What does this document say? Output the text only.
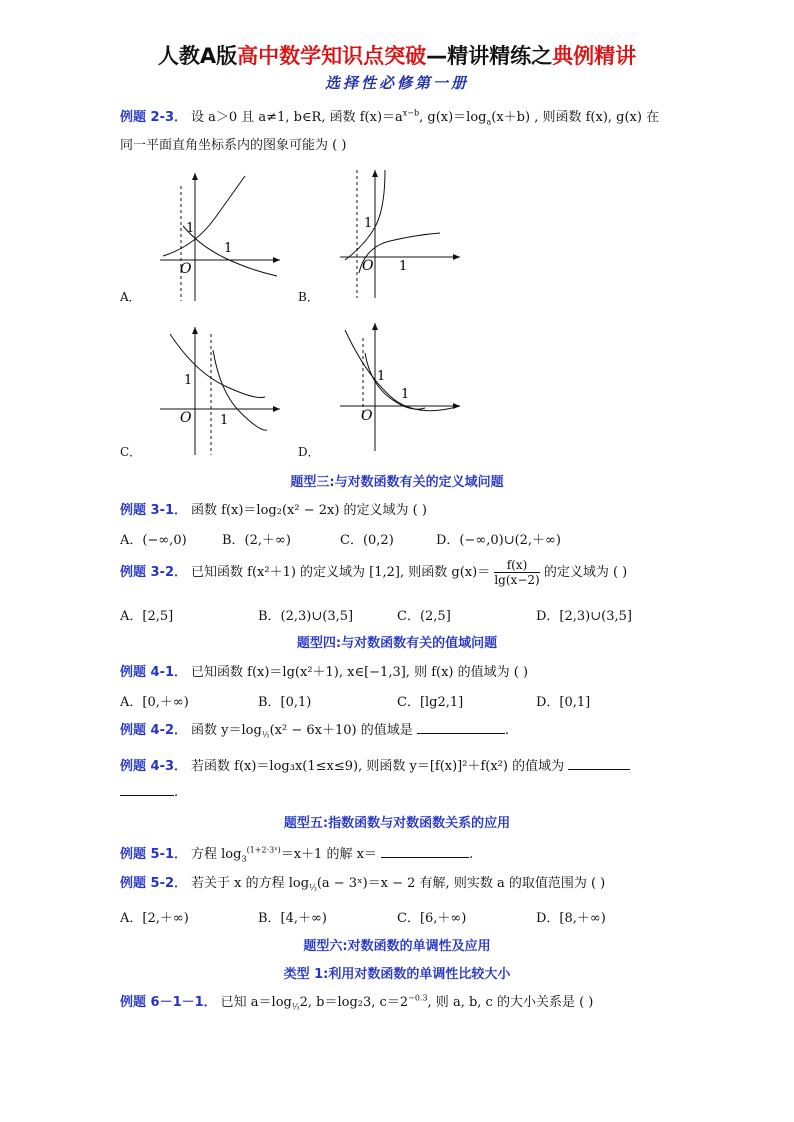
人教A版高中数学知识点突破—精讲精练之典例精讲
选择性必修第一册
例题 2-3． 设 a＞0 且 a≠1, b∈R, 函数 $f(x)=a^{x-b}$, $g(x)=\log_a(x+b)$ , 则函数 f(x), g(x) 在
同一平面直角坐标系内的图象可能为 ( )
1
1
O
A．
1
1
O
B．
1
1
O
C．
1
1
O
D．
题型三:与对数函数有关的定义域问题
例题 3-1． 函数 f(x)＝log₂(x² − 2x) 的定义域为 ( )
A．(−∞,0)	B．(2,＋∞)	C．(0,2)	D．(−∞,0)∪(2,＋∞)
例题 3-2． 已知函数 f(x²＋1) 的定义域为 [1,2], 则函数 $g(x)= \frac{f(x)}{\lg(x-2)}$ 的定义域为 ( )
A．[2,5]	B．(2,3)∪(3,5]	C．(2,5]	D．[2,3)∪(3,5]
题型四:与对数函数有关的值域问题
例题 4-1． 已知函数 f(x)＝lg(x²＋1), x∈[−1,3], 则 f(x) 的值域为 ( )
A．[0,＋∞)	B．[0,1)	C．[lg2,1]	D．[0,1]
例题 4-2． 函数 $y=\log_{\frac{1}{2}}(x^2 - 6x+10)$ 的值域是	.
例题 4-3． 若函数 f(x)＝log₃x(1≤x≤9), 则函数 y＝[f(x)]²＋f(x²) 的值域为
.
题型五:指数函数与对数函数关系的应用
例题 5-1． 方程 $\log_3^{(1+2\cdot 3ˣ)}=x+1$ 的解 x＝	.
例题 5-2． 若关于 x 的方程 $\log_{\frac{1}{3}}(a$ − 3ˣ)＝x − 2 有解, 则实数 a 的取值范围为 ( )
A．[2,＋∞)	B．[4,＋∞)	C．[6,＋∞)	D．[8,＋∞)
题型六:对数函数的单调性及应用
类型 1:利用对数函数的单调性比较大小
例题 6－1－1． 已知 $a=\log_{\frac{1}{3}}2$, b＝log₂3, $c=2^{-0.3}$, 则 a, b, c 的大小关系是 ( )
